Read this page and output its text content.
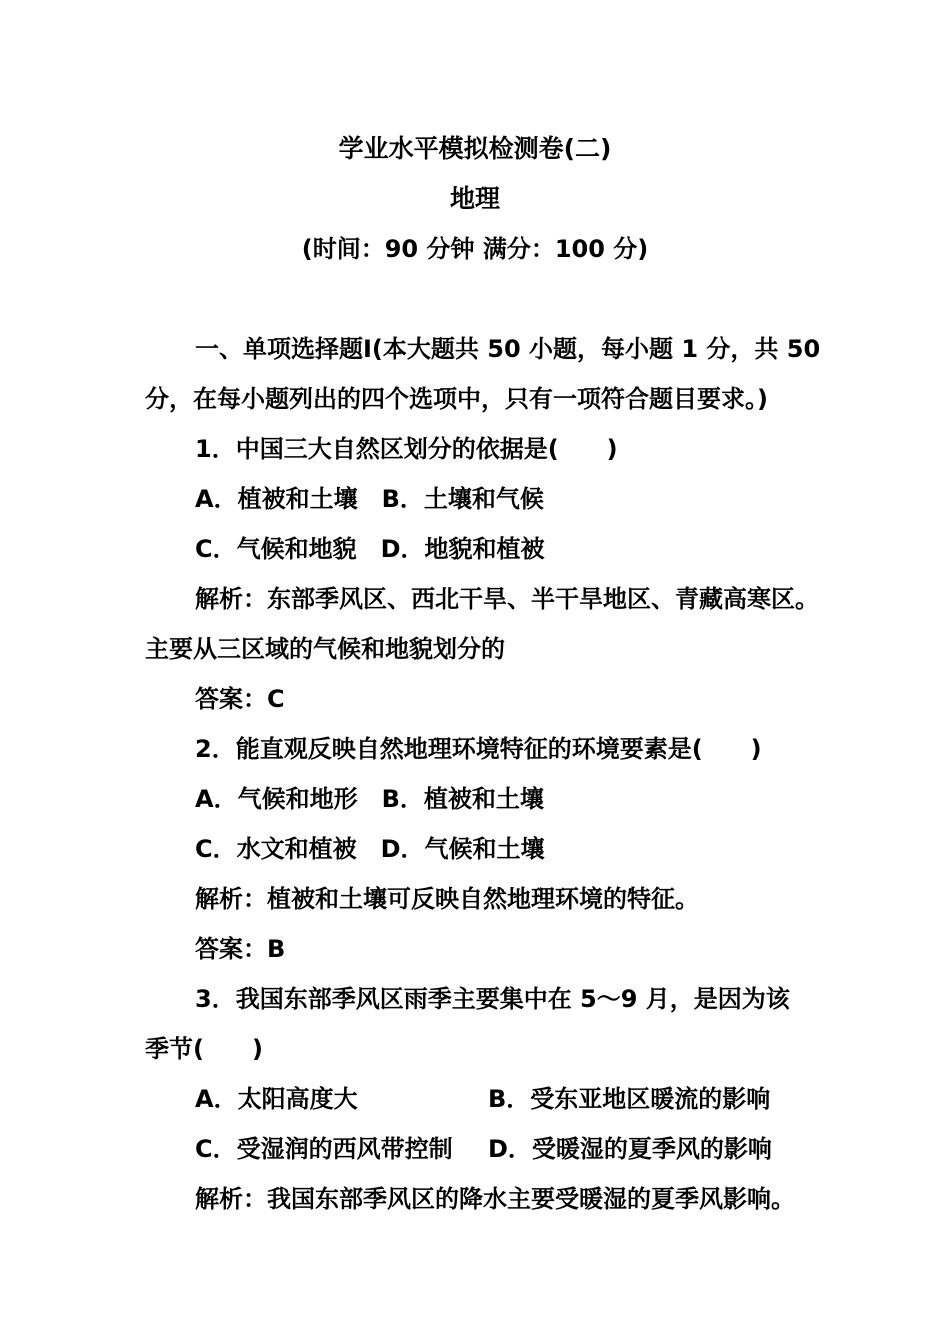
学业水平模拟检测卷(二)
地理
(时间：90 分钟 满分：100 分)
一、单项选择题Ⅰ(本大题共 50 小题，每小题 1 分，共 50
分，在每小题列出的四个选项中，只有一项符合题目要求。)
1．中国三大自然区划分的依据是(　　)
A．植被和土壤　B．土壤和气候
C．气候和地貌　D．地貌和植被
解析：东部季风区、西北干旱、半干旱地区、青藏高寒区。
主要从三区域的气候和地貌划分的
答案：C
2．能直观反映自然地理环境特征的环境要素是(　　)
A．气候和地形　B．植被和土壤
C．水文和植被　D．气候和土壤
解析：植被和土壤可反映自然地理环境的特征。
答案：B
3．我国东部季风区雨季主要集中在 5～9 月，是因为该
季节(　　)
A．太阳高度大	B．受东亚地区暖流的影响
C．受湿润的西风带控制 D．受暖湿的夏季风的影响
解析：我国东部季风区的降水主要受暖湿的夏季风影响。
